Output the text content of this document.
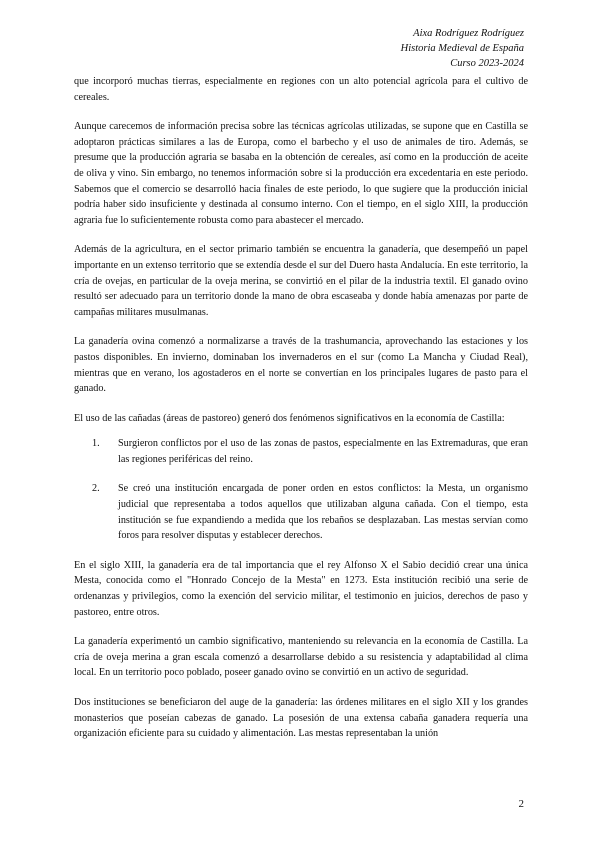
Aixa Rodríguez Rodríguez
Historia Medieval de España
Curso 2023-2024

que incorporó muchas tierras, especialmente en regiones con un alto potencial agrícola para el cultivo de cereales.

Aunque carecemos de información precisa sobre las técnicas agrícolas utilizadas, se supone que en Castilla se adoptaron prácticas similares a las de Europa, como el barbecho y el uso de animales de tiro. Además, se presume que la producción agraria se basaba en la obtención de cereales, así como en la producción de aceite de oliva y vino. Sin embargo, no tenemos información sobre si la producción era excedentaria en este periodo. Sabemos que el comercio se desarrolló hacia finales de este periodo, lo que sugiere que la producción inicial podría haber sido insuficiente y destinada al consumo interno. Con el tiempo, en el siglo XIII, la producción agraria fue lo suficientemente robusta como para abastecer el mercado.

Además de la agricultura, en el sector primario también se encuentra la ganadería, que desempeñó un papel importante en un extenso territorio que se extendía desde el sur del Duero hasta Andalucía. En este territorio, la cría de ovejas, en particular de la oveja merina, se convirtió en el pilar de la industria textil. El ganado ovino resultó ser adecuado para un territorio donde la mano de obra escaseaba y donde había amenazas por parte de campañas militares musulmanas.

La ganadería ovina comenzó a normalizarse a través de la trashumancia, aprovechando las estaciones y los pastos disponibles. En invierno, dominaban los invernaderos en el sur (como La Mancha y Ciudad Real), mientras que en verano, los agostaderos en el norte se convertían en los principales lugares de pasto para el ganado.

El uso de las cañadas (áreas de pastoreo) generó dos fenómenos significativos en la economía de Castilla:

1.	Surgieron conflictos por el uso de las zonas de pastos, especialmente en las Extremaduras, que eran las regiones periféricas del reino.
2.	Se creó una institución encargada de poner orden en estos conflictos: la Mesta, un organismo judicial que representaba a todos aquellos que utilizaban alguna cañada. Con el tiempo, esta institución se fue expandiendo a medida que los rebaños se desplazaban. Las mestas servían como foros para resolver disputas y establecer derechos.

En el siglo XIII, la ganadería era de tal importancia que el rey Alfonso X el Sabio decidió crear una única Mesta, conocida como el "Honrado Concejo de la Mesta" en 1273. Esta institución recibió una serie de ordenanzas y privilegios, como la exención del servicio militar, el testimonio en juicios, derechos de paso y pastoreo, entre otros.

La ganadería experimentó un cambio significativo, manteniendo su relevancia en la economía de Castilla. La cría de oveja merina a gran escala comenzó a desarrollarse debido a su resistencia y adaptabilidad al clima local. En un territorio poco poblado, poseer ganado ovino se convirtió en un activo de seguridad.

Dos instituciones se beneficiaron del auge de la ganadería: las órdenes militares en el siglo XII y los grandes monasterios que poseían cabezas de ganado. La posesión de una extensa cabaña ganadera requería una organización eficiente para su cuidado y alimentación. Las mestas representaban la unión

2
